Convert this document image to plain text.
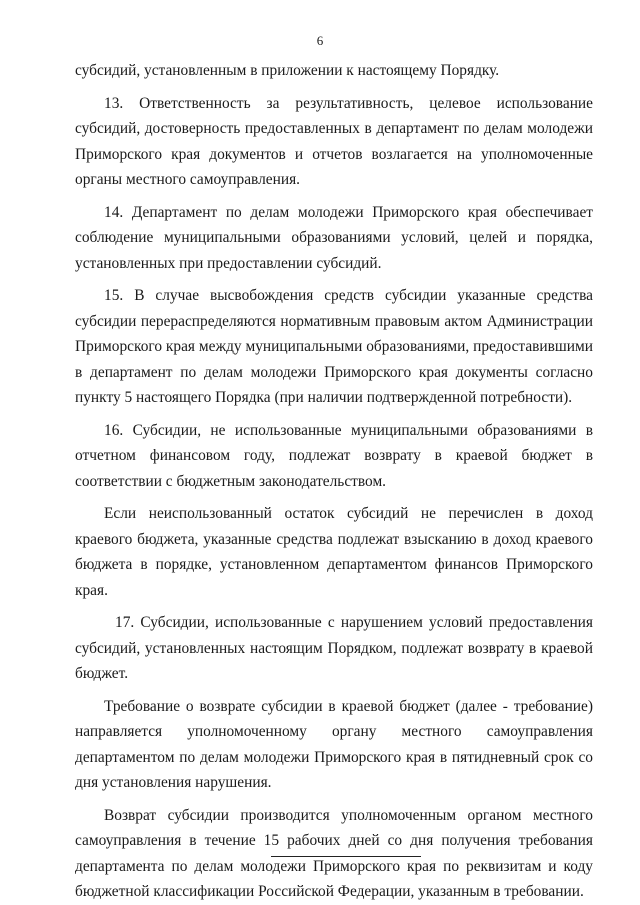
6

субсидий, установленным в приложении к настоящему Порядку.

13. Ответственность за результативность, целевое использование субсидий, достоверность предоставленных в департамент по делам молодежи Приморского края документов и отчетов возлагается на уполномоченные органы местного самоуправления.

14. Департамент по делам молодежи Приморского края обеспечивает соблюдение муниципальными образованиями условий, целей и порядка, установленных при предоставлении субсидий.

15. В случае высвобождения средств субсидии указанные средства субсидии перераспределяются нормативным правовым актом Администрации Приморского края между муниципальными образованиями, предоставившими в департамент по делам молодежи Приморского края документы согласно пункту 5 настоящего Порядка (при наличии подтвержденной потребности).

16. Субсидии, не использованные муниципальными образованиями в отчетном финансовом году, подлежат возврату в краевой бюджет в соответствии с бюджетным законодательством.

Если неиспользованный остаток субсидий не перечислен в доход краевого бюджета, указанные средства подлежат взысканию в доход краевого бюджета в порядке, установленном департаментом финансов Приморского края.

17. Субсидии, использованные с нарушением условий предоставления субсидий, установленных настоящим Порядком, подлежат возврату в краевой бюджет.

Требование о возврате субсидии в краевой бюджет (далее - требование) направляется уполномоченному органу местного самоуправления департаментом по делам молодежи Приморского края в пятидневный срок со дня установления нарушения.

Возврат субсидии производится уполномоченным органом местного самоуправления в течение 15 рабочих дней со дня получения требования департамента по делам молодежи Приморского края по реквизитам и коду бюджетной классификации Российской Федерации, указанным в требовании.
